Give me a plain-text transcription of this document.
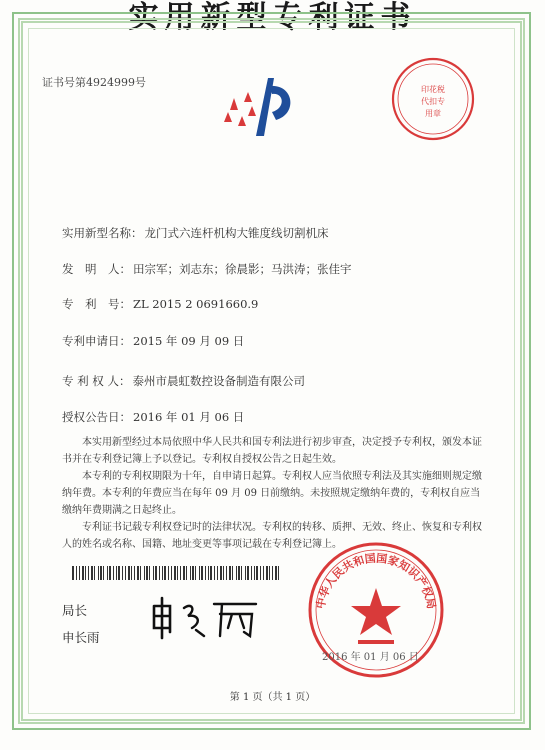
证书号第4924999号
印花税
代扣专
用章
实用新型专利证书
实用新型名称： 龙门式六连杆机构大锥度线切割机床
发　明　人： 田宗军；刘志东；徐晨影；马洪涛；张佳宇
专　利　号： ZL 2015 2 0691660.9
专利申请日： 2015 年 09 月 09 日
专 利 权 人： 泰州市晨虹数控设备制造有限公司
授权公告日： 2016 年 01 月 06 日

本实用新型经过本局依照中华人民共和国专利法进行初步审查，决定授予专利权，颁发本证书并在专利登记簿上予以登记。专利权自授权公告之日起生效。

本专利的专利权期限为十年，自申请日起算。专利权人应当依照专利法及其实施细则规定缴纳年费。本专利的年费应当在每年 09 月 09 日前缴纳。未按照规定缴纳年费的，专利权自应当缴纳年费期满之日起终止。

专利证书记载专利权登记时的法律状况。专利权的转移、质押、无效、终止、恢复和专利权人的姓名或名称、国籍、地址变更等事项记载在专利登记簿上。

局长
申长雨
中华人民共和国国家知识产权局
2016 年 01 月 06 日
第 1 页（共 1 页）
